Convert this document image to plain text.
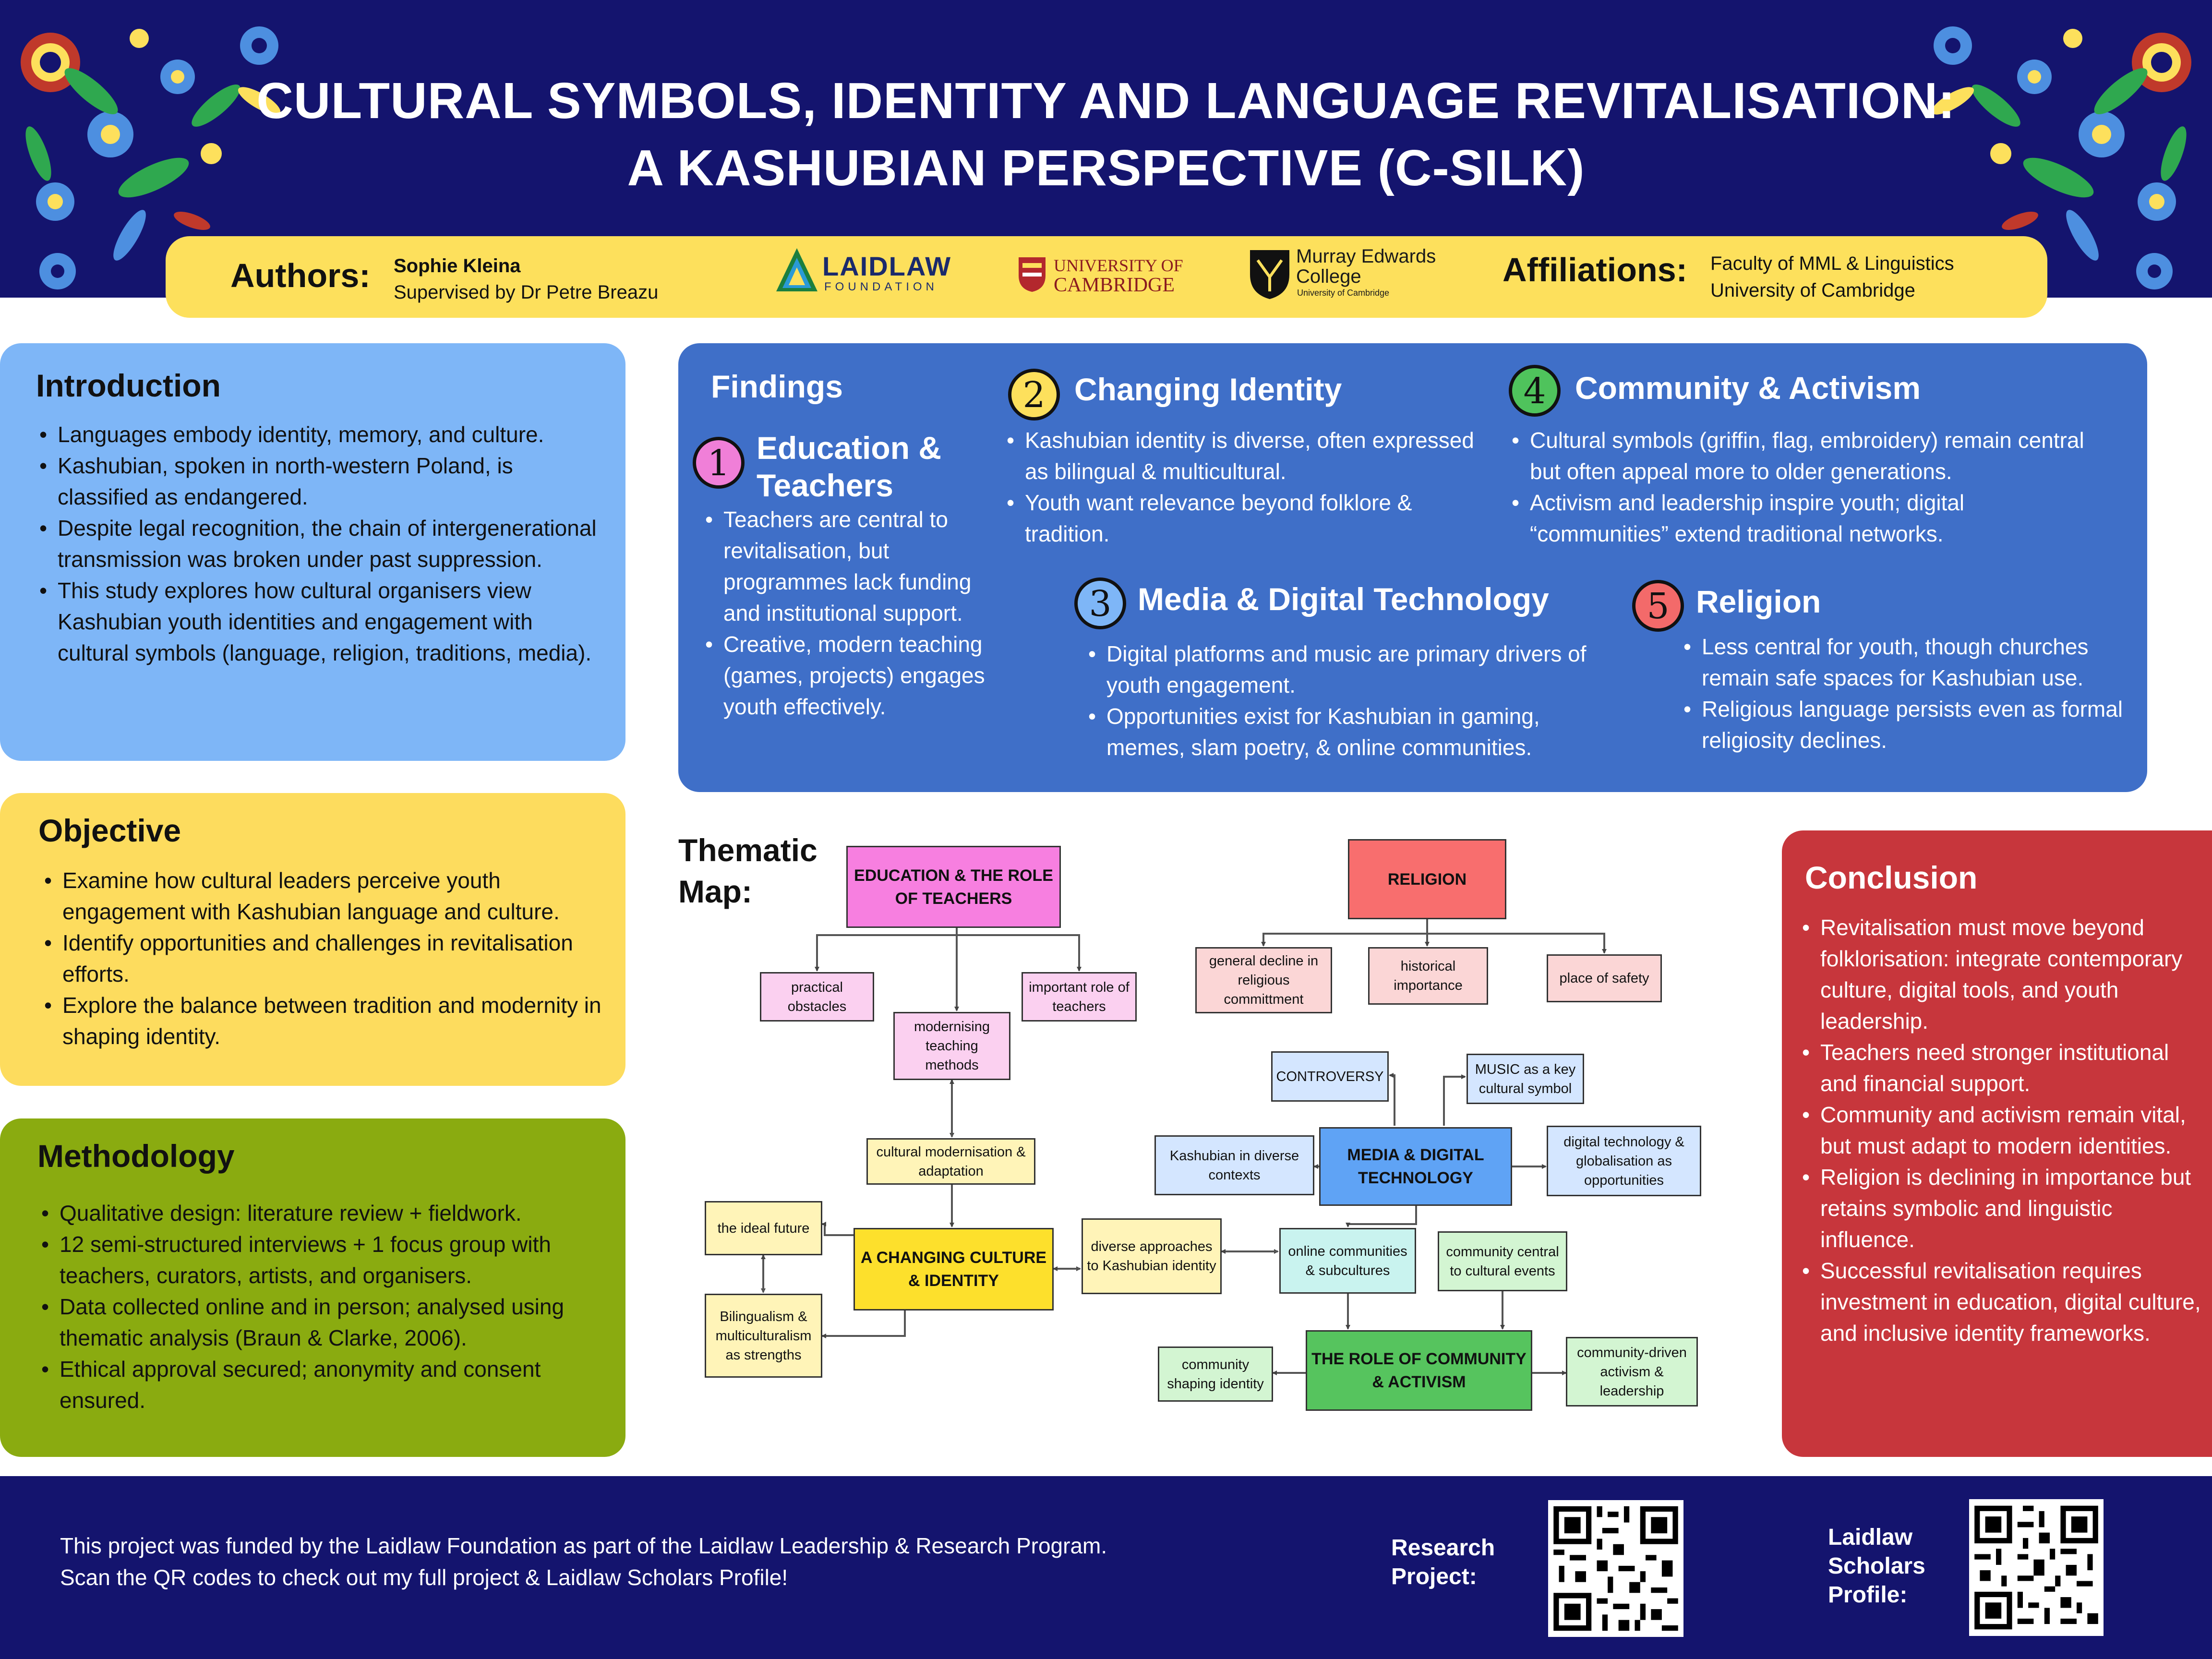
CULTURAL SYMBOLS, IDENTITY AND LANGUAGE REVITALISATION:
A KASHUBIAN PERSPECTIVE (C-SILK)
Authors: Sophie Kleina
Supervised by Dr Petre Breazu
LAIDLAW
FOUNDATION
UNIVERSITY OF
CAMBRIDGE
Murray Edwards
College
University of Cambridge
Affiliations: Faculty of MML & Linguistics
University of Cambridge
Introduction
• Languages embody identity, memory, and culture.
• Kashubian, spoken in north-western Poland, is classified as endangered.
• Despite legal recognition, the chain of intergenerational transmission was broken under past suppression.
• This study explores how cultural organisers view Kashubian youth identities and engagement with cultural symbols (language, religion, traditions, media).
Objective
• Examine how cultural leaders perceive youth engagement with Kashubian language and culture.
• Identify opportunities and challenges in revitalisation efforts.
• Explore the balance between tradition and modernity in shaping identity.
Methodology
• Qualitative design: literature review + fieldwork.
• 12 semi-structured interviews + 1 focus group with teachers, curators, artists, and organisers.
• Data collected online and in person; analysed using thematic analysis (Braun & Clarke, 2006).
• Ethical approval secured; anonymity and consent ensured.
Findings
1 Education &
Teachers
• Teachers are central to revitalisation, but programmes lack funding and institutional support.
• Creative, modern teaching (games, projects) engages youth effectively.
2 Changing Identity
• Kashubian identity is diverse, often expressed as bilingual & multicultural.
• Youth want relevance beyond folklore & tradition.
3 Media & Digital Technology
• Digital platforms and music are primary drivers of youth engagement.
• Opportunities exist for Kashubian in gaming, memes, slam poetry, & online communities.
4 Community & Activism
• Cultural symbols (griffin, flag, embroidery) remain central but often appeal more to older generations.
• Activism and leadership inspire youth; digital “communities” extend traditional networks.
5 Religion
• Less central for youth, though churches remain safe spaces for Kashubian use.
• Religious language persists even as formal religiosity declines.
Thematic
Map:	EDUCATION & THE ROLE OF TEACHERS
practical obstacles
important role of teachers
modernising teaching methods
cultural modernisation & adaptation
the ideal future
A CHANGING CULTURE & IDENTITY
Bilingualism & multiculturalism as strengths
diverse approaches to Kashubian identity
RELIGION
general decline in religious committment
historical importance	place of safety
CONTROVERSY	MUSIC as a key cultural symbol
MEDIA & DIGITAL TECHNOLOGY
Kashubian in diverse contexts
digital technology & globalisation as opportunities
online communities & subcultures
community central to cultural events
THE ROLE OF COMMUNITY & ACTIVISM
community shaping identity
community-driven activism & leadership
Conclusion
• Revitalisation must move beyond folklorisation: integrate contemporary culture, digital tools, and youth leadership.
• Teachers need stronger institutional and financial support.
• Community and activism remain vital, but must adapt to modern identities.
• Religion is declining in importance but retains symbolic and linguistic influence.
• Successful revitalisation requires investment in education, digital culture, and inclusive identity frameworks.
This project was funded by the Laidlaw Foundation as part of the Laidlaw Leadership & Research Program.
Scan the QR codes to check out my full project & Laidlaw Scholars Profile!
Research
Project:
Laidlaw
Scholars
Profile:
